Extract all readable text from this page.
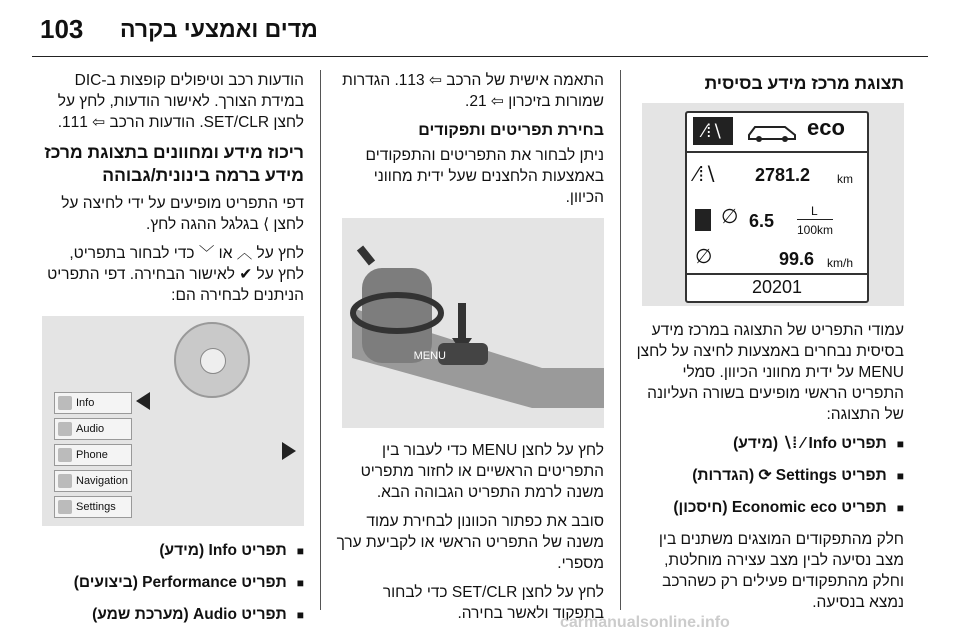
103 מדים ואמצעי בקרה
תצוגת מרכז מידע בסיסית
∕⁞∖	eco
∕⁞∖ 2781.2 km
∅ 6.5	L
100km
∅	99.6 km/h
20201

עמודי התפריט של התצוגה במרכז מידע בסיסית נבחרים באמצעות לחיצה על לחצן MENU על ידית מחווני הכיוון. סמלי התפריט הראשי מופיעים בשורה העליונה של התצוגה:

■ תפריט Info ⁄ ⁞∖ (מידע)
■ תפריט Settings ⟳ (הגדרות)
■ תפריט Economic eco (חיסכון)

חלק מהתפקודים המוצגים משתנים בין מצב נסיעה לבין מצב עצירה מוחלטת, וחלק מהתפקודים פעילים רק כשהרכב נמצא בנסיעה.

התאמה אישית של הרכב ⇦ 113. הגדרות שמורות בזיכרון ⇦ 21.

בחירת תפריטים ותפקודים

ניתן לבחור את התפריטים והתפקודים באמצעות הלחצנים שעל ידית מחווני הכיוון.

MENU

לחץ על לחצן MENU כדי לעבור בין התפריטים הראשיים או לחזור מתפריט משנה לרמת התפריט הגבוהה הבא.

סובב את כפתור הכוונון לבחירת עמוד משנה של התפריט הראשי או לקביעת ערך מספרי.

לחץ על לחצן SET/CLR כדי לבחור בתפקוד ולאשר בחירה.

הודעות רכב וטיפולים קופצות ב-DIC במידת הצורך. לאישור הודעות, לחץ על לחצן SET/CLR. הודעות הרכב ⇦ 111.

ריכוז מידע ומחוונים בתצוגת מרכז מידע ברמה בינונית/גבוהה

דפי התפריט מופיעים על ידי לחיצה על לחצן ⟩ בגלגל ההגה לחץ.

לחץ על ︿ או ﹀ כדי לבחור בתפריט, לחץ על ✔ לאישור הבחירה. דפי התפריט הניתנים לבחירה הם:

Info
Audio
Phone
Navigation
Settings
■ תפריט Info (מידע)
■ תפריט Performance (ביצועים)
■ תפריט Audio (מערכת שמע)	carmanualsonline.info
